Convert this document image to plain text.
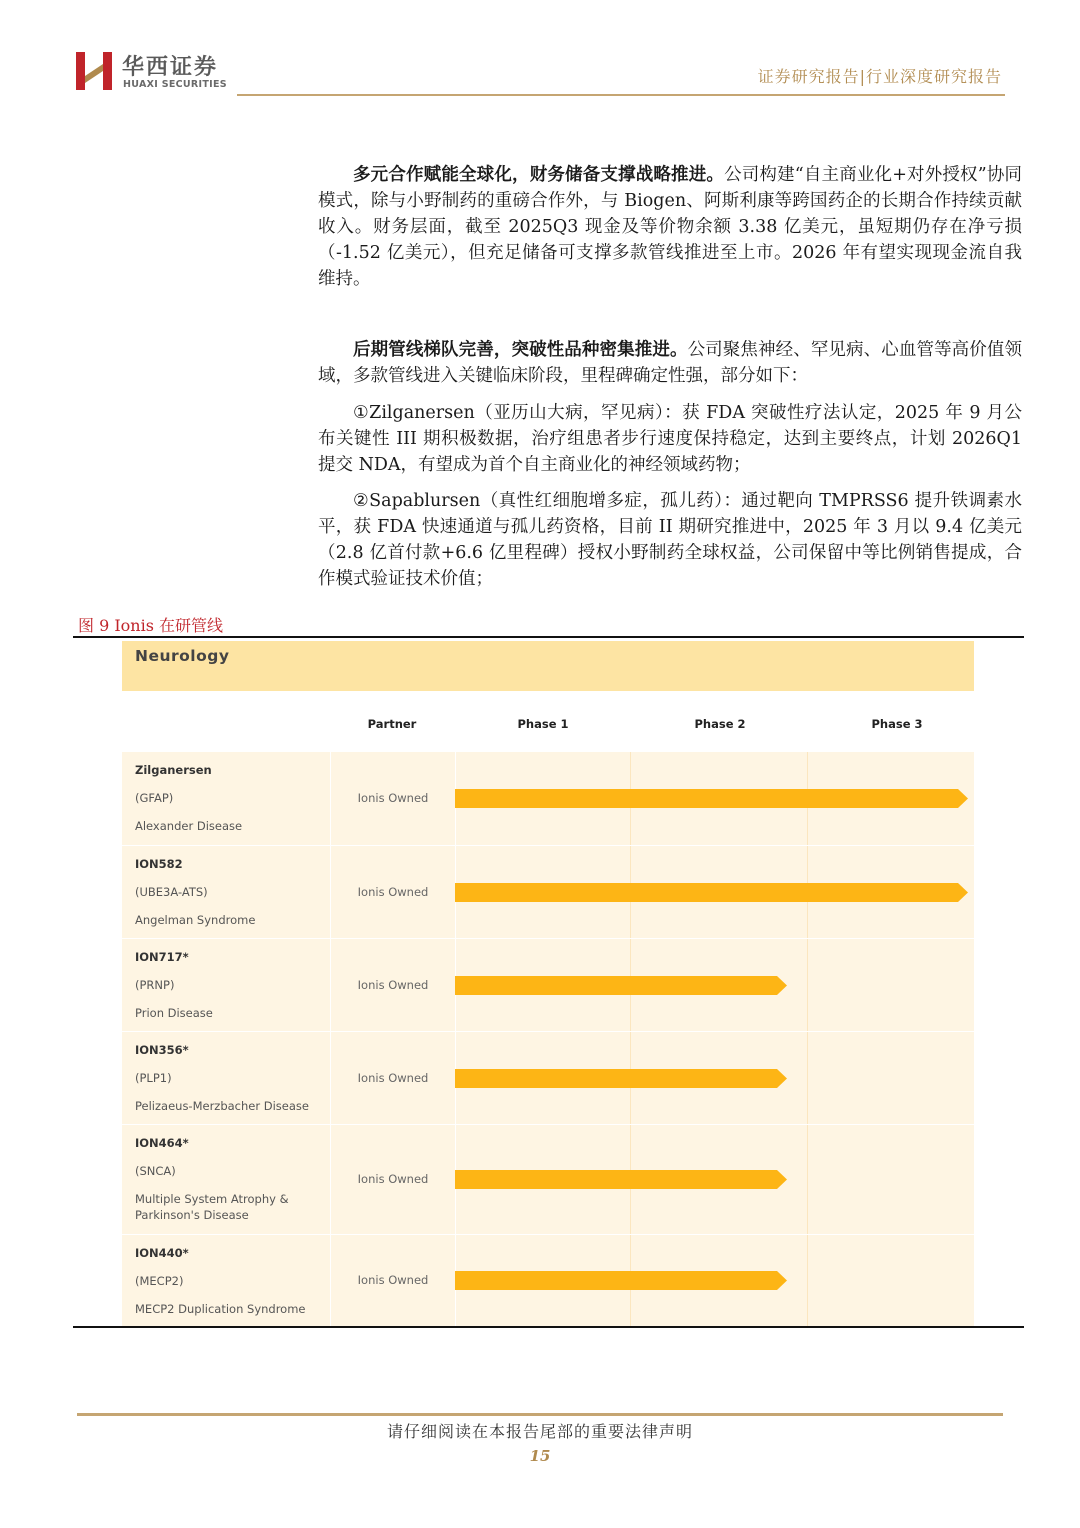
华西证券
HUAXI SECURITIES	证券研究报告|行业深度研究报告
多元合作赋能全球化，财务储备支撑战略推进。公司构建“自主商业化+对外授权”协同模式，除与小野制药的重磅合作外，与 Biogen、阿斯利康等跨国药企的长期合作持续贡献收入。财务层面，截至 2025Q3 现金及等价物余额 3.38 亿美元，虽短期仍存在净亏损（-1.52 亿美元），但充足储备可支撑多款管线推进至上市。2026 年有望实现现金流自我维持。
后期管线梯队完善，突破性品种密集推进。公司聚焦神经、罕见病、心血管等高价值领域，多款管线进入关键临床阶段，里程碑确定性强，部分如下：
①Zilganersen（亚历山大病，罕见病）：获 FDA 突破性疗法认定，2025 年 9 月公布关键性 III 期积极数据，治疗组患者步行速度保持稳定，达到主要终点，计划 2026Q1 提交 NDA，有望成为首个自主商业化的神经领域药物；
②Sapablursen（真性红细胞增多症，孤儿药）：通过靶向 TMPRSS6 提升铁调素水平，获 FDA 快速通道与孤儿药资格，目前 II 期研究推进中，2025 年 3 月以 9.4 亿美元（2.8 亿首付款+6.6 亿里程碑）授权小野制药全球权益，公司保留中等比例销售提成，合作模式验证技术价值；
图 9 Ionis 在研管线
Neurology
Partner	Phase 1	Phase 2	Phase 3
Zilganersen
(GFAP)
Alexander Disease
Ionis Owned
ION582
(UBE3A-ATS)
Angelman Syndrome
Ionis Owned
ION717*
(PRNP)
Prion Disease
Ionis Owned
ION356*
(PLP1)
Pelizaeus-Merzbacher Disease
Ionis Owned
ION464*
(SNCA)
Multiple System Atrophy & Parkinson's Disease
Ionis Owned
ION440*
(MECP2)
MECP2 Duplication Syndrome
Ionis Owned
请仔细阅读在本报告尾部的重要法律声明
15
